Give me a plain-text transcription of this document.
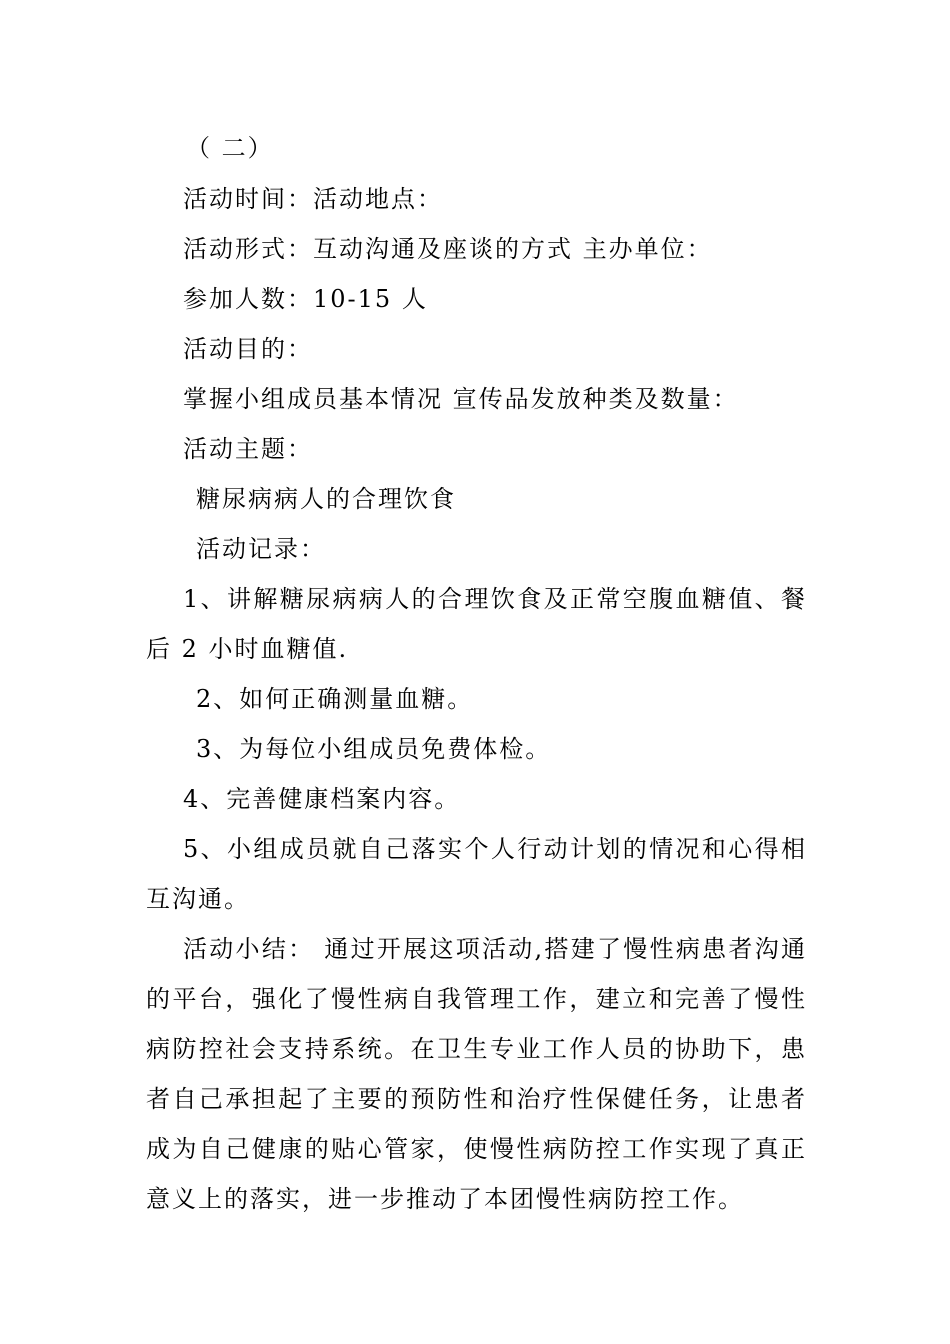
（ 二）
活动时间：活动地点：
活动形式：互动沟通及座谈的方式 主办单位：
参加人数：10-15 人
活动目的：
掌握小组成员基本情况 宣传品发放种类及数量：
活动主题：
糖尿病病人的合理饮食
活动记录：
1、讲解糖尿病病人的合理饮食及正常空腹血糖值、餐
后 2 小时血糖值.
2、如何正确测量血糖。
3、为每位小组成员免费体检。
4、完善健康档案内容。
5、小组成员就自己落实个人行动计划的情况和心得相
互沟通。
活动小结： 通过开展这项活动,搭建了慢性病患者沟通
的平台，强化了慢性病自我管理工作，建立和完善了慢性
病防控社会支持系统。在卫生专业工作人员的协助下，患
者自己承担起了主要的预防性和治疗性保健任务，让患者
成为自己健康的贴心管家，使慢性病防控工作实现了真正
意义上的落实，进一步推动了本团慢性病防控工作。
